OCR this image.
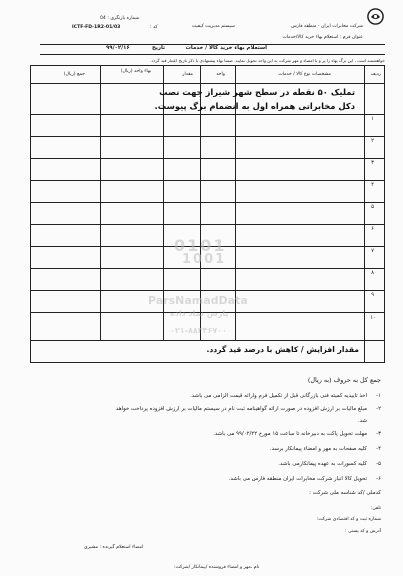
شرکت مخابرات ایران - منطقه فارس
سیستم مدیریت کیفیت
شماره بازنگری : 04
کد :
ICTF-FD-1R2-01/03
عنوان فرم : استعلام بهاء خرید کالا/خدمات
استعلام بهاء خرید کالا / خدمات
تاریخ
۹۹/۰۲/۱۶
خواهشمند است ، این برگ بهاء را پر و با امضاء و مهر شرکت به این واحد تحویل نمایید. ضمنا بهاء پیشنهادی با ذکر تاریخ اعتبار قید گردد.
ردیف
مشخصات نوع کالا / خدمات
واحد
مقدار
بهاء واحد (ریال)
جمع (ریال)
تملیک ۵۰ نقطه در سطح شهر شیراز جهت نصب
دکل مخابراتی همراه اول به انضمام برگ پیوست.
۱
۲
۳
۴
۵
۶
۷
۸
۹
۱۰
مقدار افزایش / کاهش با درصد قید گردد.
جمع کل به حروف (به ریال)
۱-
اخذ تاییدیه کمیته فنی بازرگانی قبل از تکمیل فرم وارائه قیمت الزامی می باشد.
۲-
مبلغ مالیات بر ارزش افزوده در صورت ارائه گواهینامه ثبت نام در سیستم مالیات بر ارزش افزوده پرداخت خواهد
شد.
۳-
مهلت تحویل پاکت به دبیرخانه تا ساعت ۱۵ مورخ ۹۹/۰۲/۲۲ می باشد.
۴-
کلیه صفحات به مهر و امضاء پیمانکار برسد.
۵-
کلیه کسورات به عهده پیمانکارمی باشد.
۶-
تحویل کالا انبار شرکت مخابرات ایران منطقه فارس می باشد.
کدملی /کد شناسه ملی شرکت :
تلفن:
شماره ثبت و کد اقتصادی شرکت:
آدرس و کد پستی :
امضاء استعلام گیرنده : مشیری
نام ،مهر و امضاء فروشنده /پیمانکار /شرکت:
0101
1001
ParsNamadData
پارس نماد داده
۰۲۱-۸۸۳۴۶۷۰۰
